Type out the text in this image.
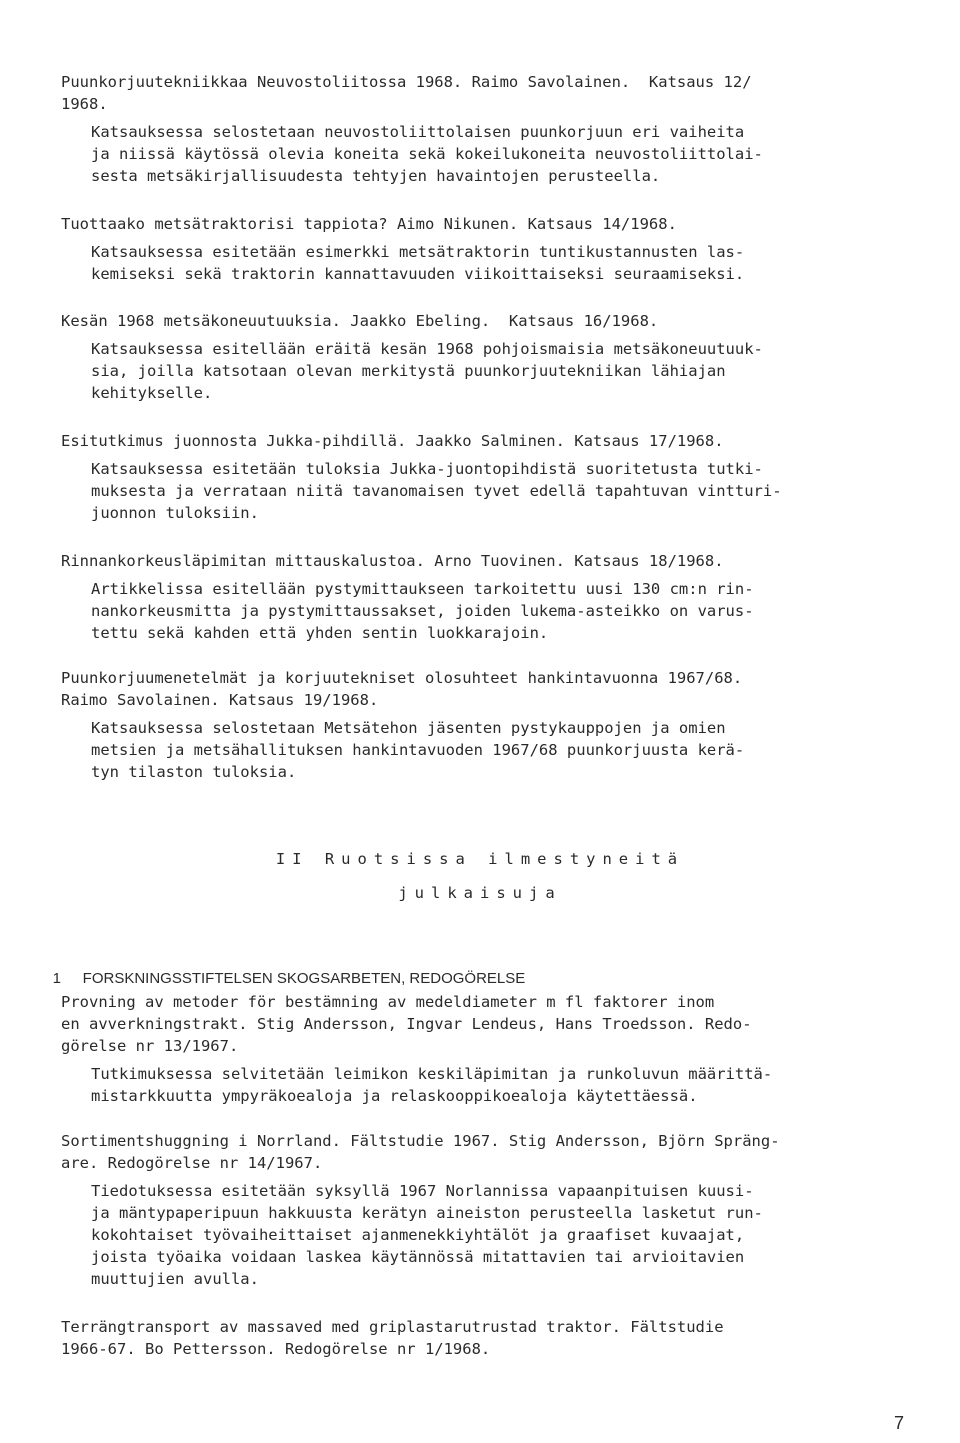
Puunkorjuutekniikkaa Neuvostoliitossa 1968. Raimo Savolainen.  Katsaus 12/
1968.

Katsauksessa selostetaan neuvostoliittolaisen puunkorjuun eri vaiheita
ja niissä käytössä olevia koneita sekä kokeilukoneita neuvostoliittolai-
sesta metsäkirjallisuudesta tehtyjen havaintojen perusteella.

Tuottaako metsätraktorisi tappiota? Aimo Nikunen. Katsaus 14/1968.

Katsauksessa esitetään esimerkki metsätraktorin tuntikustannusten las-
kemiseksi sekä traktorin kannattavuuden viikoittaiseksi seuraamiseksi.

Kesän 1968 metsäkoneuutuuksia. Jaakko Ebeling.  Katsaus 16/1968.

Katsauksessa esitellään eräitä kesän 1968 pohjoismaisia metsäkoneuutuuk-
sia, joilla katsotaan olevan merkitystä puunkorjuutekniikan lähiajan
kehitykselle.

Esitutkimus juonnosta Jukka-pihdillä. Jaakko Salminen. Katsaus 17/1968.

Katsauksessa esitetään tuloksia Jukka-juontopihdistä suoritetusta tutki-
muksesta ja verrataan niitä tavanomaisen tyvet edellä tapahtuvan vintturi-
juonnon tuloksiin.

Rinnankorkeusläpimitan mittauskalustoa. Arno Tuovinen. Katsaus 18/1968.

Artikkelissa esitellään pystymittaukseen tarkoitettu uusi 130 cm:n rin-
nankorkeusmitta ja pystymittaussakset, joiden lukema-asteikko on varus-
tettu sekä kahden että yhden sentin luokkarajoin.

Puunkorjuumenetelmät ja korjuutekniset olosuhteet hankintavuonna 1967/68.
Raimo Savolainen. Katsaus 19/1968.

Katsauksessa selostetaan Metsätehon jäsenten pystykauppojen ja omien
metsien ja metsähallituksen hankintavuoden 1967/68 puunkorjuusta kerä-
tyn tilaston tuloksia.

II Ruotsissa ilmestyneitä
julkaisuja

1 FORSKNINGSSTIFTELSEN SKOGSARBETEN, REDOGÖRELSE

Provning av metoder för bestämning av medeldiameter m fl faktorer inom
en avverkningstrakt. Stig Andersson, Ingvar Lendeus, Hans Troedsson. Redo-
görelse nr 13/1967.

Tutkimuksessa selvitetään leimikon keskiläpimitan ja runkoluvun määrittä-
mistarkkuutta ympyräkoealoja ja relaskooppikoealoja käytettäessä.

Sortimentshuggning i Norrland. Fältstudie 1967. Stig Andersson, Björn Spräng-
are. Redogörelse nr 14/1967.

Tiedotuksessa esitetään syksyllä 1967 Norlannissa vapaanpituisen kuusi-
ja mäntypaperipuun hakkuusta kerätyn aineiston perusteella lasketut run-
kokohtaiset työvaiheittaiset ajanmenekkiyhtälöt ja graafiset kuvaajat,
joista työaika voidaan laskea käytännössä mitattavien tai arvioitavien
muuttujien avulla.

Terrängtransport av massaved med griplastarutrustad traktor. Fältstudie
1966-67. Bo Pettersson. Redogörelse nr 1/1968.

7
